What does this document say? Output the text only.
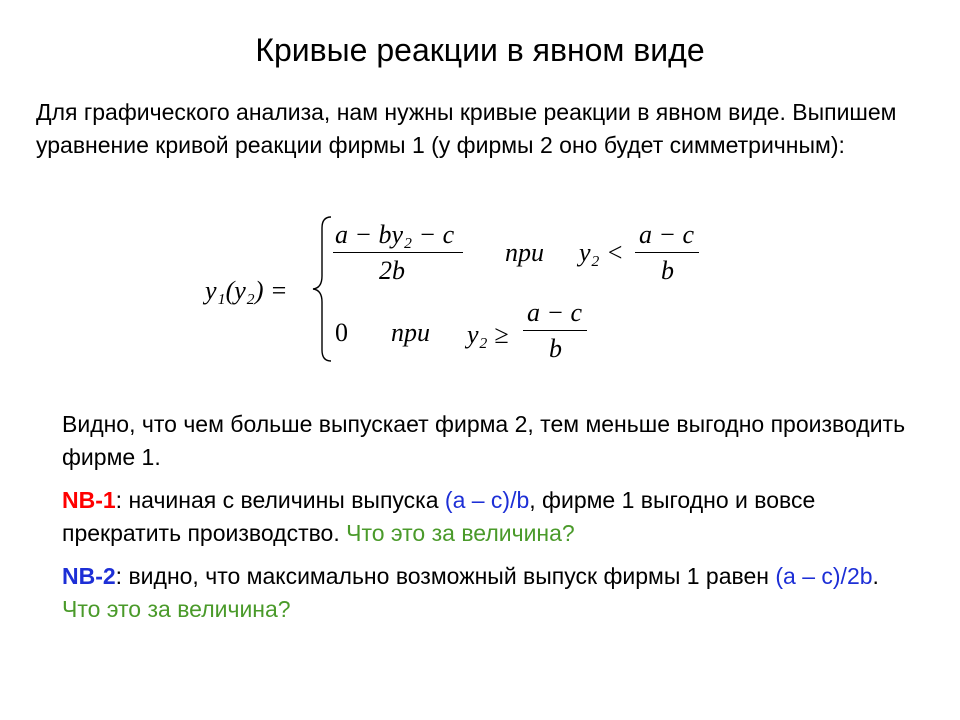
Кривые реакции в явном виде
Для графического анализа, нам нужны кривые реакции в явном виде. Выпишем уравнение кривой реакции фирмы 1 (у фирмы 2 оно будет симметричным):
y₁(y₂) =
a − by₂ − c
2b
npu y₂ <
a − c
b
0 npu y₂ ≥
a − c
b

Видно, что чем больше выпускает фирма 2, тем меньше выгодно производить фирме 1.

NB-1: начиная с величины выпуска (a – c)/b, фирме 1 выгодно и вовсе прекратить производство. Что это за величина?

NB-2: видно, что максимально возможный выпуск фирмы 1 равен (a – c)/2b. Что это за величина?
